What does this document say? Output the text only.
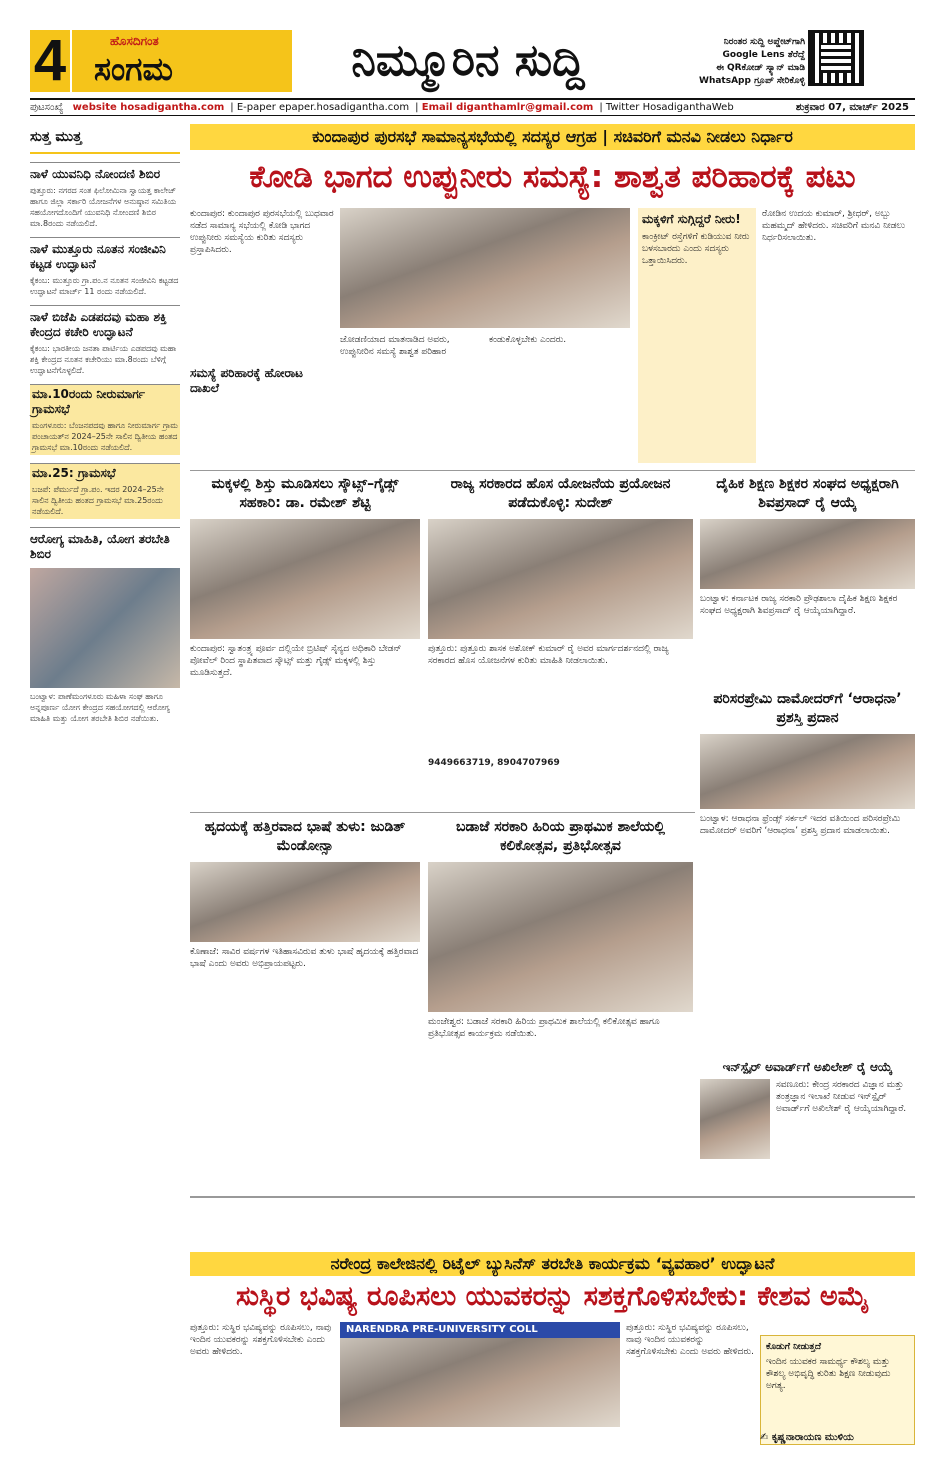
4	ಹೊಸದಿಗಂತ
ಸಂಗಮ	ನಿಮ್ಮೂರಿನ ಸುದ್ದಿ	ನಿರಂತರ ಸುದ್ದಿ ಅಪ್ಡೇಟ್‌ಗಾಗಿ
Google Lens ತೆರೆದ್ದೆ
ಈ QRಕೋಡ್ ಸ್ಕ್ಯಾನ್ ಮಾಡಿ
WhatsApp ಗ್ರೂಪ್ ಸೇರಿಕೊಳ್ಳಿ
ಪುಟಸಂಖ್ಯೆ website hosadigantha.com | E-paper epaper.hosadigantha.com | Email diganthamlr@gmail.com | Twitter HosadiganthaWeb	ಶುಕ್ರವಾರ 07, ಮಾರ್ಚ್ 2025
ಸುತ್ತ ಮುತ್ತ
ನಾಳೆ ಯುವನಿಧಿ ನೋಂದಣಿ ಶಿಬಿರ

ಪುತ್ತೂರು: ನಗರದ ಸಂತ ಫಿಲೋಮಿನಾ ಸ್ವಾಯತ್ತ ಕಾಲೇಜ್ ಹಾಗೂ ಜಿಲ್ಲಾ ಸರ್ಕಾರಿ ಯೋಜನೆಗಳ ಅನುಷ್ಠಾನ ಸಮಿತಿಯ ಸಹಯೋಗದೊಂದಿಗೆ ಯುವನಿಧಿ ನೋಂದಣಿ ಶಿಬಿರ ಮಾ.8ರಂದು ನಡೆಯಲಿದೆ.

ನಾಳೆ ಮುತ್ತೂರು ನೂತನ ಸಂಜೀವಿನಿ ಕಟ್ಟಡ ಉದ್ಘಾಟನೆ

ಕೈಕಂಬ: ಮುತ್ತೂರು ಗ್ರಾ.ಪಂ.ನ ನೂತನ ಸಂಜೀವಿನಿ ಕಟ್ಟಡದ ಉದ್ಘಾಟನೆ ಮಾರ್ಚ್ 11 ರಂದು ನಡೆಯಲಿದೆ.

ನಾಳೆ ಬಿಜೆಪಿ ಎಡಪದವು ಮಹಾ ಶಕ್ತಿ ಕೇಂದ್ರದ ಕಚೇರಿ ಉದ್ಘಾಟನೆ

ಕೈಕಂಬ: ಭಾರತೀಯ ಜನತಾ ಪಾರ್ಟಿಯ ಎಡಪದವು ಮಹಾ ಶಕ್ತಿ ಕೇಂದ್ರದ ನೂತನ ಕಚೇರಿಯು ಮಾ.8ರಂದು ಬೆಳಿಗ್ಗೆ ಉದ್ಘಾಟನೆಗೊಳ್ಳಲಿದೆ.

ಮಾ.10ರಂದು ನೀರುಮಾರ್ಗ ಗ್ರಾಮಸಭೆ

ಮಂಗಳೂರು: ಬೆಂಜನಪದವು ಹಾಗೂ ನೀರುಮಾರ್ಗ ಗ್ರಾಮ ಪಂಚಾಯತ್‌ನ 2024–25ನೇ ಸಾಲಿನ ದ್ವಿತೀಯ ಹಂತದ ಗ್ರಾಮಸಭೆ ಮಾ.10ರಂದು ನಡೆಯಲಿದೆ.

ಮಾ.25: ಗ್ರಾಮಸಭೆ

ಬಜಪೆ: ಪೆರ್ಮುದೆ ಗ್ರಾ.ಪಂ. ಇದರ 2024–25ನೇ ಸಾಲಿನ ದ್ವಿತೀಯ ಹಂತದ ಗ್ರಾಮಸಭೆ ಮಾ.25ರಂದು ನಡೆಯಲಿದೆ.

ಆರೋಗ್ಯ ಮಾಹಿತಿ, ಯೋಗ ತರಬೇತಿ ಶಿಬಿರ

ಬಂಟ್ವಾಳ: ಪಾಣೆಮಂಗಳೂರು ಮಹಿಳಾ ಸಂಘ ಹಾಗೂ ಅನ್ನಪೂರ್ಣ ಯೋಗ ಕೇಂದ್ರದ ಸಹಯೋಗದಲ್ಲಿ ಆರೋಗ್ಯ ಮಾಹಿತಿ ಮತ್ತು ಯೋಗ ತರಬೇತಿ ಶಿಬಿರ ನಡೆಯಿತು.

ಕುಂದಾಪುರ ಪುರಸಭೆ ಸಾಮಾನ್ಯಸಭೆಯಲ್ಲಿ ಸದಸ್ಯರ ಆಗ್ರಹ | ಸಚಿವರಿಗೆ ಮನವಿ ನೀಡಲು ನಿರ್ಧಾರ
ಕೋಡಿ ಭಾಗದ ಉಪ್ಪುನೀರು ಸಮಸ್ಯೆ: ಶಾಶ್ವತ ಪರಿಹಾರಕ್ಕೆ ಪಟು

ಕುಂದಾಪುರ: ಕುಂದಾಪುರ ಪುರಸಭೆಯಲ್ಲಿ ಬುಧವಾರ ನಡೆದ ಸಾಮಾನ್ಯ ಸಭೆಯಲ್ಲಿ ಕೋಡಿ ಭಾಗದ ಉಪ್ಪುನೀರು ಸಮಸ್ಯೆಯ ಕುರಿತು ಸದಸ್ಯರು ಪ್ರಸ್ತಾಪಿಸಿದರು.

ಸಮಸ್ಯೆ ಪರಿಹಾರಕ್ಕೆ ಹೋರಾಟ ದಾಖಲೆ

ಜೋಡಣಿಯಾದ ಮಾತನಾಡಿದ ಅವರು, ಉಪ್ಪುನೀರಿನ ಸಮಸ್ಯೆ ಶಾಶ್ವತ ಪರಿಹಾರ ಕಂಡುಕೊಳ್ಳಬೇಕು ಎಂದರು.
ಮಕ್ಕಳಿಗೆ ಸುಗ್ಗಿದ್ದರೆ ನೀರು!

ಕಾಂಕ್ರೀಟ್ ರಸ್ತೆಗಳಿಗೆ ಕುಡಿಯುವ ನೀರು ಬಳಸಬಾರದು ಎಂದು ಸದಸ್ಯರು ಒತ್ತಾಯಿಸಿದರು.

ರೋಡಿನ ಉದಯ ಕುಮಾರ್, ಶ್ರೀಧರ್, ಅಬ್ಬು ಮಹಮ್ಮದ್ ಹೇಳಿದರು. ಸಚಿವರಿಗೆ ಮನವಿ ನೀಡಲು ನಿರ್ಧರಿಸಲಾಯಿತು.
ಮಕ್ಕಳಲ್ಲಿ ಶಿಸ್ತು ಮೂಡಿಸಲು ಸ್ಕೌಟ್ಸ್‌–ಗೈಡ್ಸ್ ಸಹಕಾರಿ: ಡಾ. ರಮೇಶ್ ಶೆಟ್ಟಿ

ಕುಂದಾಪುರ: ಸ್ವಾತಂತ್ರ್ಯ ಪೂರ್ವ ದಲ್ಲಿಯೇ ಬ್ರಿಟಿಷ್ ಸೈನ್ಯದ ಅಧಿಕಾರಿ ಬೇಡನ್ ಪೋವೆಲ್ ರಿಂದ ಸ್ಥಾಪಿತವಾದ ಸ್ಕೌಟ್ಸ್ ಮತ್ತು ಗೈಡ್ಸ್ ಮಕ್ಕಳಲ್ಲಿ ಶಿಸ್ತು ಮೂಡಿಸುತ್ತದೆ.

ರಾಜ್ಯ ಸರಕಾರದ ಹೊಸ ಯೋಜನೆಯ ಪ್ರಯೋಜನ ಪಡೆದುಕೊಳ್ಳಿ: ಸುದೇಶ್

ಪುತ್ತೂರು: ಪುತ್ತೂರು ಶಾಸಕ ಅಶೋಕ್ ಕುಮಾರ್ ರೈ ಅವರ ಮಾರ್ಗದರ್ಶನದಲ್ಲಿ ರಾಜ್ಯ ಸರಕಾರದ ಹೊಸ ಯೋಜನೆಗಳ ಕುರಿತು ಮಾಹಿತಿ ನೀಡಲಾಯಿತು.

9449663719, 8904707969

ದೈಹಿಕ ಶಿಕ್ಷಣ ಶಿಕ್ಷಕರ ಸಂಘದ ಅಧ್ಯಕ್ಷರಾಗಿ ಶಿವಪ್ರಸಾದ್ ರೈ ಆಯ್ಕೆ

ಬಂಟ್ವಾಳ: ಕರ್ನಾಟಕ ರಾಜ್ಯ ಸರಕಾರಿ ಪ್ರೌಢಶಾಲಾ ದೈಹಿಕ ಶಿಕ್ಷಣ ಶಿಕ್ಷಕರ ಸಂಘದ ಅಧ್ಯಕ್ಷರಾಗಿ ಶಿವಪ್ರಸಾದ್ ರೈ ಆಯ್ಕೆಯಾಗಿದ್ದಾರೆ.

ಪರಿಸರಪ್ರೇಮಿ ದಾಮೋದರ್‌ಗೆ ‘ಆರಾಧನಾ’ ಪ್ರಶಸ್ತಿ ಪ್ರದಾನ

ಬಂಟ್ವಾಳ: ಆರಾಧನಾ ಫ್ರೆಂಡ್ಸ್ ಸರ್ಕಲ್ ಇದರ ವತಿಯಿಂದ ಪರಿಸರಪ್ರೇಮಿ ದಾಮೋದರ್ ಅವರಿಗೆ ‘ಆರಾಧನಾ’ ಪ್ರಶಸ್ತಿ ಪ್ರದಾನ ಮಾಡಲಾಯಿತು.

ಹೃದಯಕ್ಕೆ ಹತ್ತಿರವಾದ ಭಾಷೆ ತುಳು: ಜುಡಿತ್ ಮೆಂಡೋನ್ಸಾ

ಕೊಣಾಜೆ: ಸಾವಿರ ವರ್ಷಗಳ ಇತಿಹಾಸವಿರುವ ತುಳು ಭಾಷೆ ಹೃದಯಕ್ಕೆ ಹತ್ತಿರವಾದ ಭಾಷೆ ಎಂದು ಅವರು ಅಭಿಪ್ರಾಯಪಟ್ಟರು.

ಬಡಾಜೆ ಸರಕಾರಿ ಹಿರಿಯ ಪ್ರಾಥಮಿಕ ಶಾಲೆಯಲ್ಲಿ ಕಲಿಕೋತ್ಸವ, ಪ್ರತಿಭೋತ್ಸವ

ಮಂಜೇಶ್ವರ: ಬಡಾಜೆ ಸರಕಾರಿ ಹಿರಿಯ ಪ್ರಾಥಮಿಕ ಶಾಲೆಯಲ್ಲಿ ಕಲಿಕೋತ್ಸವ ಹಾಗೂ ಪ್ರತಿಭೋತ್ಸವ ಕಾರ್ಯಕ್ರಮ ನಡೆಯಿತು.

ಇನ್‌ಸ್ಪೈರ್ ಅವಾರ್ಡ್‌ಗೆ ಅಖಿಲೇಶ್ ರೈ ಆಯ್ಕೆ

ಸವಣೂರು: ಕೇಂದ್ರ ಸರಕಾರದ ವಿಜ್ಞಾನ ಮತ್ತು ತಂತ್ರಜ್ಞಾನ ಇಲಾಖೆ ನೀಡುವ ಇನ್‌ಸ್ಪೈರ್ ಅವಾರ್ಡ್‌ಗೆ ಅಖಿಲೇಶ್ ರೈ ಆಯ್ಕೆಯಾಗಿದ್ದಾರೆ.

ನರೇಂದ್ರ ಕಾಲೇಜಿನಲ್ಲಿ ರಿಟೈಲ್ ಬ್ಯುಸಿನೆಸ್ ತರಬೇತಿ ಕಾರ್ಯಕ್ರಮ ‘ವ್ಯವಹಾರ’ ಉದ್ಘಾಟನೆ
ಸುಸ್ಥಿರ ಭವಿಷ್ಯ ರೂಪಿಸಲು ಯುವಕರನ್ನು ಸಶಕ್ತಗೊಳಿಸಬೇಕು: ಕೇಶವ ಅಮೈ
ಪುತ್ತೂರು: ಸುಸ್ಥಿರ ಭವಿಷ್ಯವನ್ನು ರೂಪಿಸಲು, ನಾವು ಇಂದಿನ ಯುವಕರನ್ನು ಸಶಕ್ತಗೊಳಿಸಬೇಕು ಎಂದು ಅವರು ಹೇಳಿದರು.
NARENDRA PRE-UNIVERSITY COLL	ಪುತ್ತೂರು: ಸುಸ್ಥಿರ ಭವಿಷ್ಯವನ್ನು ರೂಪಿಸಲು, ನಾವು ಇಂದಿನ ಯುವಕರನ್ನು ಸಶಕ್ತಗೊಳಿಸಬೇಕು ಎಂದು ಅವರು ಹೇಳಿದರು. ಕೊಡುಗೆ ನೀಡುತ್ತದೆ
ಇಂದಿನ ಯುವಕರ ಸಾಮರ್ಥ್ಯ ಕೌಶಲ್ಯ ಮತ್ತು ಕೌಶಲ್ಯ ಅಭಿವೃದ್ಧಿ ಕುರಿತು ಶಿಕ್ಷಣ ನೀಡುವುದು ಅಗತ್ಯ.
✍ ಕೃಷ್ಣನಾರಾಯಣ ಮುಳಿಯ
